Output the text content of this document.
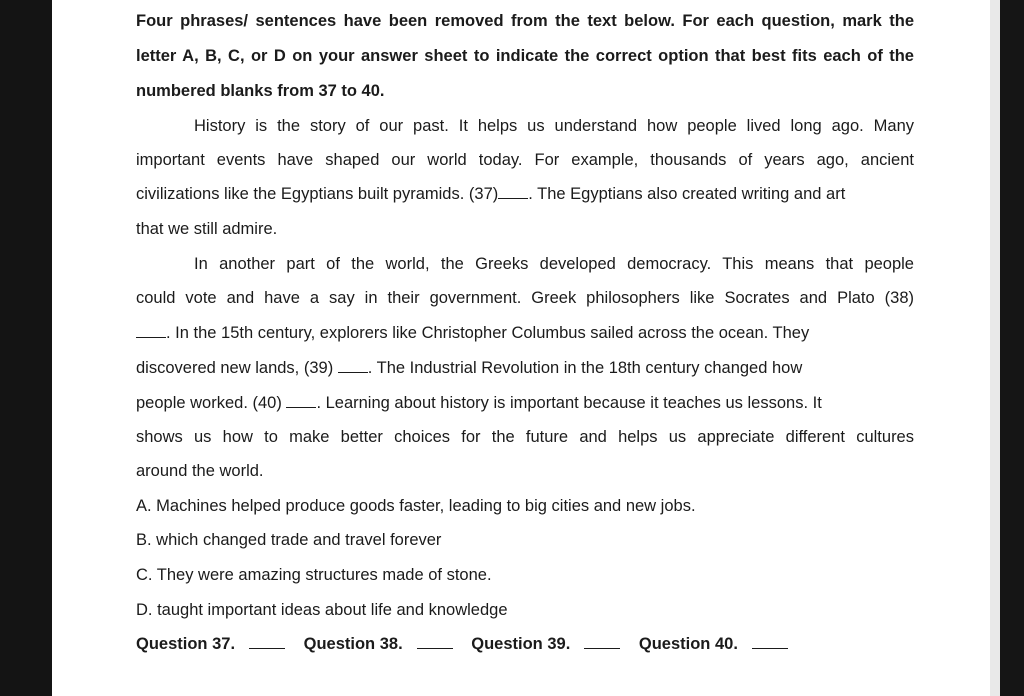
Four phrases/ sentences have been removed from the text below. For each question, mark the
letter A, B, C, or D on your answer sheet to indicate the correct option that best fits each of the
numbered blanks from 37 to 40.
History is the story of our past. It helps us understand how people lived long ago. Many
important events have shaped our world today. For example, thousands of years ago, ancient
civilizations like the Egyptians built pyramids. (37) . The Egyptians also created writing and art
that we still admire.
In another part of the world, the Greeks developed democracy. This means that people
could vote and have a say in their government. Greek philosophers like Socrates and Plato (38)
. In the 15th century, explorers like Christopher Columbus sailed across the ocean. They
discovered new lands, (39) . The Industrial Revolution in the 18th century changed how
people worked. (40) . Learning about history is important because it teaches us lessons. It
shows us how to make better choices for the future and helps us appreciate different cultures
around the world.
A. Machines helped produce goods faster, leading to big cities and new jobs.
B. which changed trade and travel forever
C. They were amazing structures made of stone.
D. taught important ideas about life and knowledge
Question 37.	Question 38.	Question 39.	Question 40.
